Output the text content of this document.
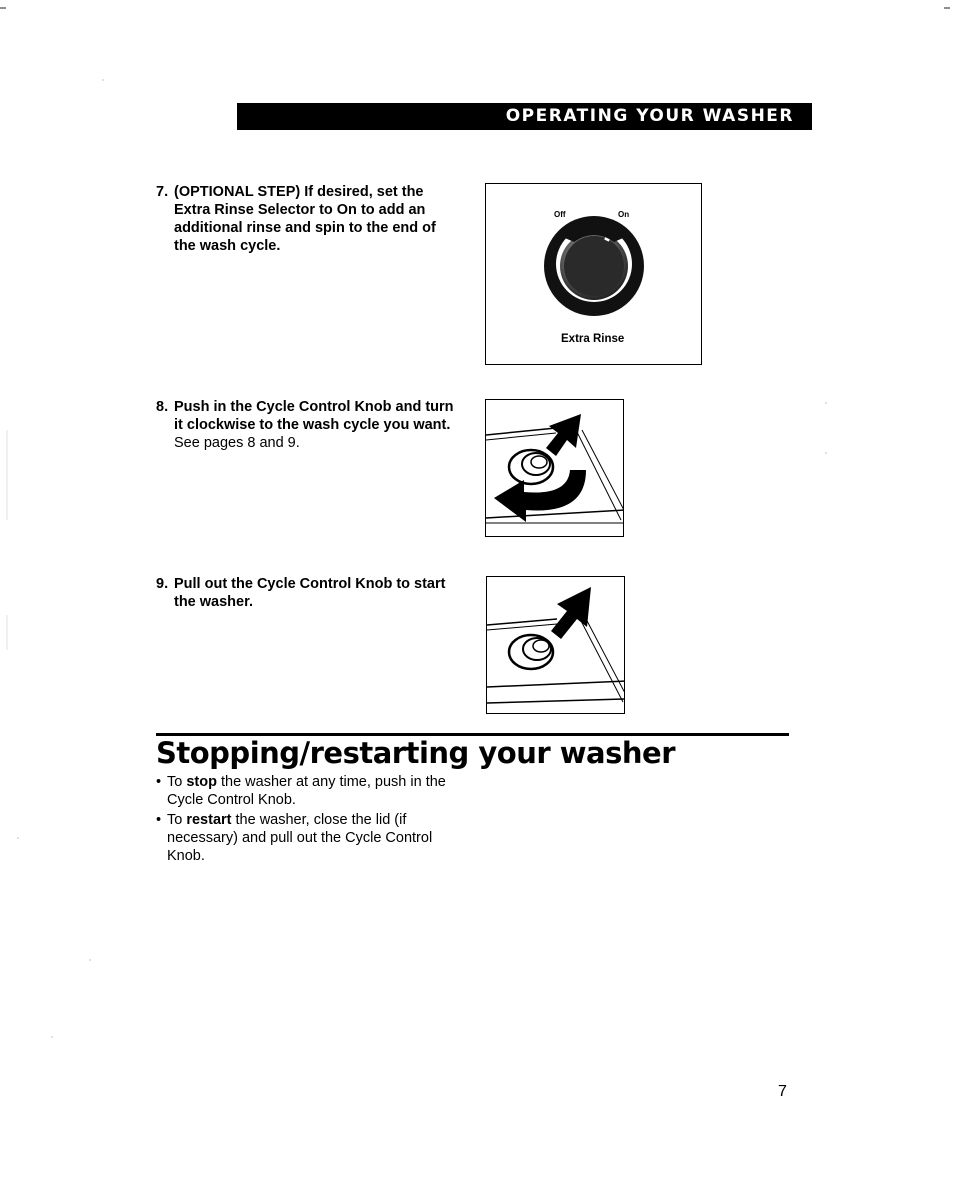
OPERATING YOUR WASHER
7. (OPTIONAL STEP) If desired, set the Extra Rinse Selector to On to add an additional rinse and spin to the end of the wash cycle.
Off	On
Extra Rinse
8. Push in the Cycle Control Knob and turn it clockwise to the wash cycle you want. See pages 8 and 9.
9. Pull out the Cycle Control Knob to start the washer.
Stopping/restarting your washer
• To stop the washer at any time, push in the Cycle Control Knob.
• To restart the washer, close the lid (if necessary) and pull out the Cycle Control Knob.
7
